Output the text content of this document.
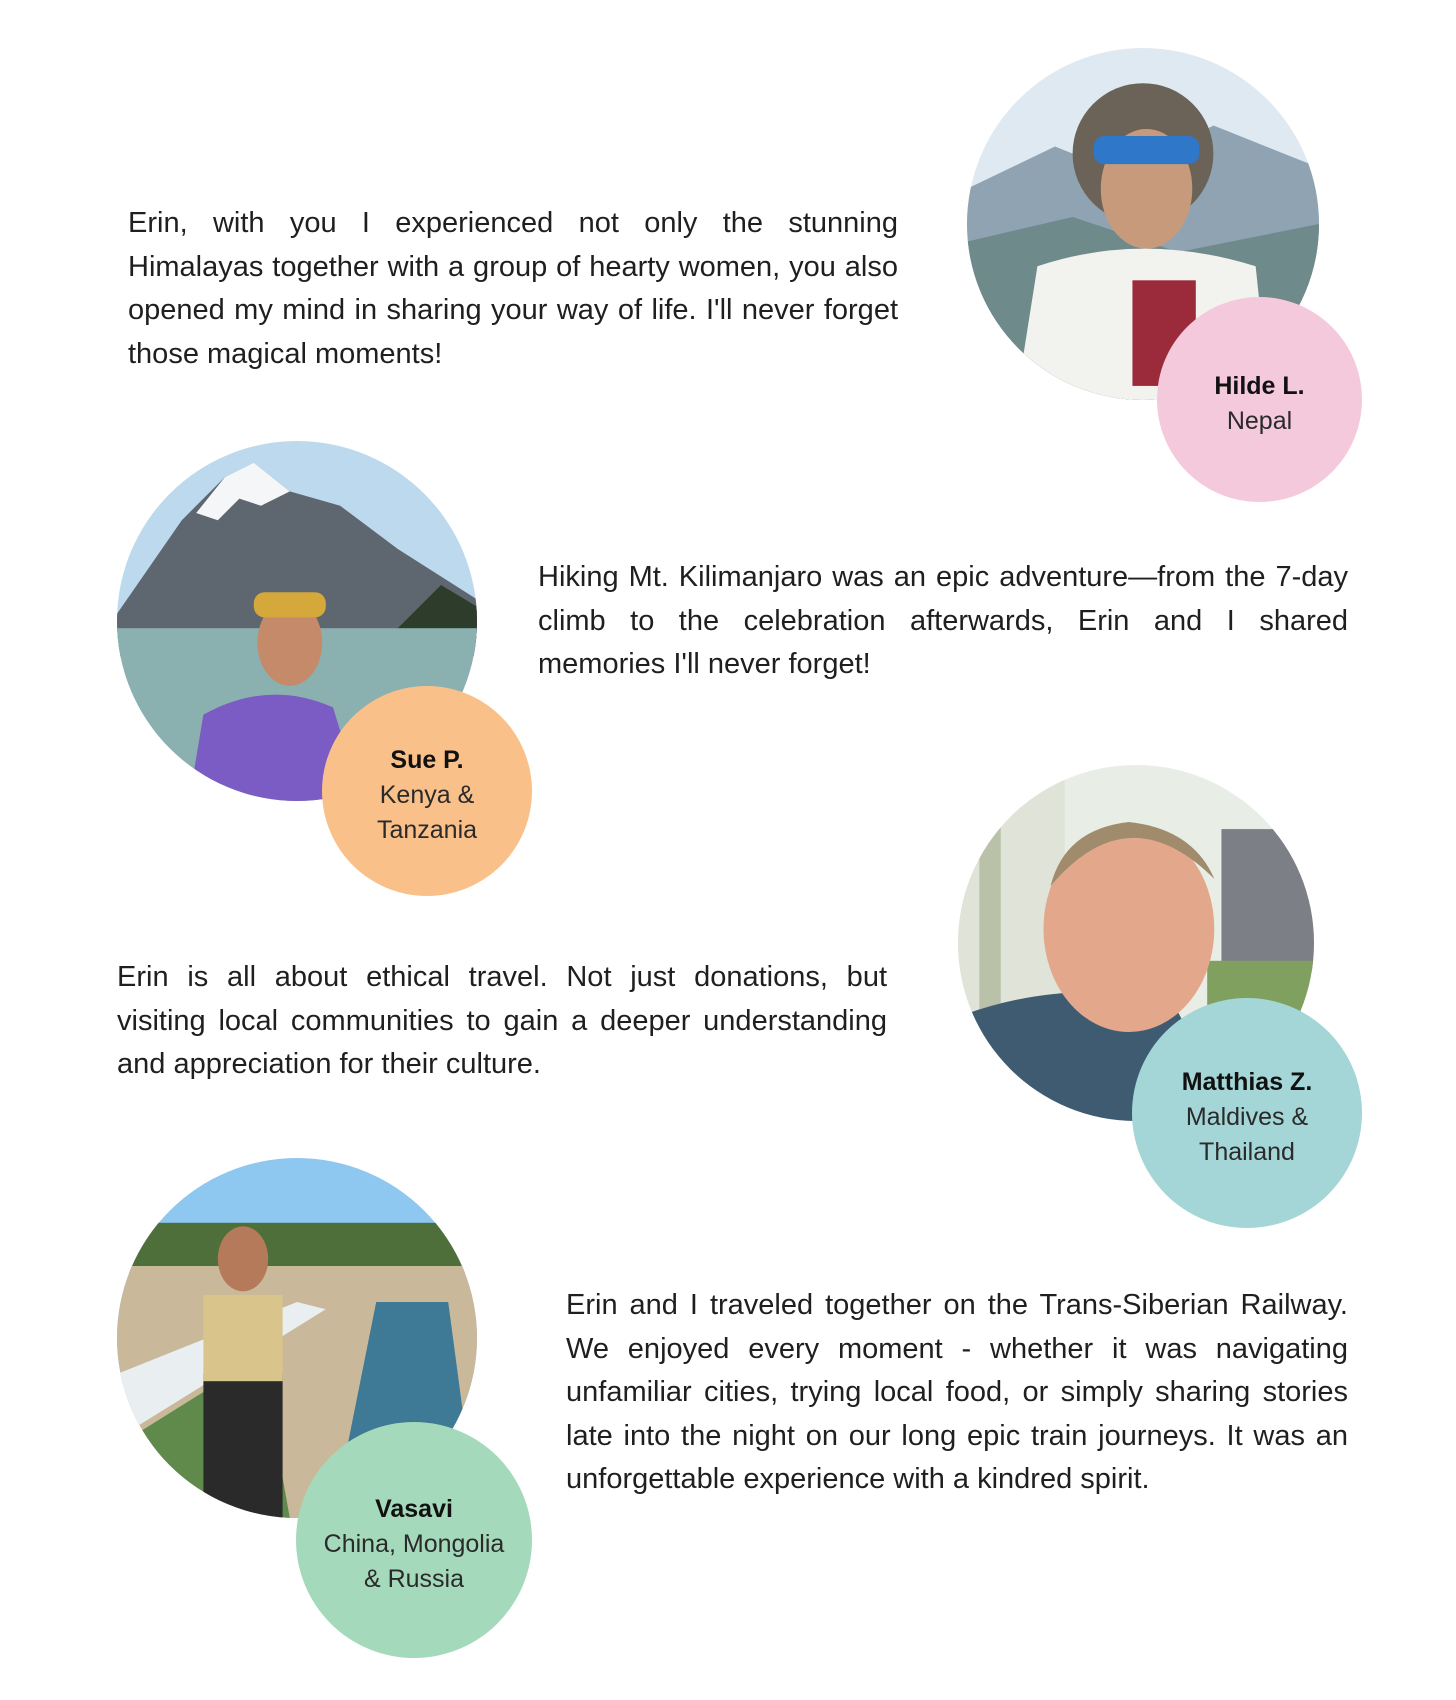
Erin, with you I experienced not only the stunning Himalayas together with a group of hearty women, you also opened my mind in sharing your way of life. I'll never forget those magical moments!

Hilde L.
Nepal
Sue P.
Kenya & Tanzania

Hiking Mt. Kilimanjaro was an epic adventure—from the 7-day climb to the celebration afterwards, Erin and I shared memories I'll never forget!

Erin is all about ethical travel. Not just donations, but visiting local communities to gain a deeper understanding and appreciation for their culture.

Matthias Z.
Maldives & Thailand
Vasavi
China, Mongolia & Russia

Erin and I traveled together on the Trans-Siberian Railway. We enjoyed every moment - whether it was navigating unfamiliar cities, trying local food, or simply sharing stories late into the night on our long epic train journeys. It was an unforgettable experience with a kindred spirit.
